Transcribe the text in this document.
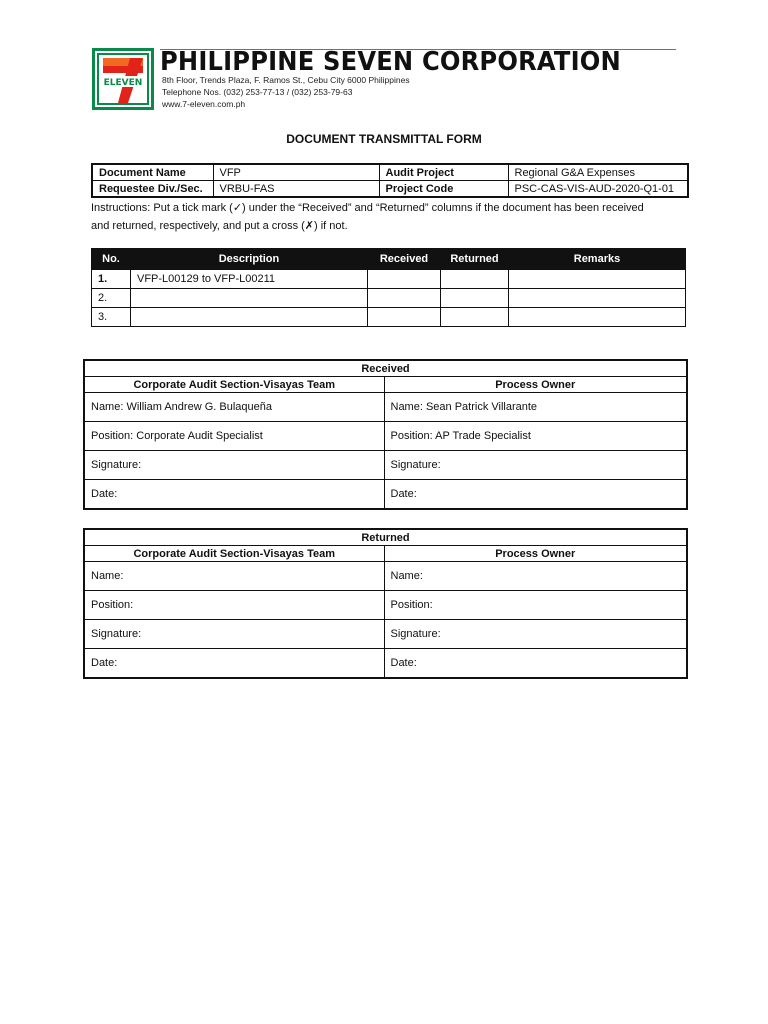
ELEVEN
PHILIPPINE SEVEN CORPORATION
8th Floor, Trends Plaza, F. Ramos St., Cebu City 6000 Philippines
Telephone Nos. (032) 253-77-13 / (032) 253-79-63
www.7-eleven.com.ph
DOCUMENT TRANSMITTAL FORM
Document Name	VFP	Audit Project	Regional G&A Expenses
Requestee Div./Sec.	VRBU-FAS	Project Code	PSC-CAS-VIS-AUD-2020-Q1-01
Instructions: Put a tick mark (✓) under the “Received” and “Returned” columns if the document has been received
and returned, respectively, and put a cross (✗) if not.
No.	Description	Received	Returned	Remarks
1.	VFP-L00129 to VFP-L00211			
2.				
3.				
Received	
Corporate Audit Section-Visayas Team	Process Owner
Name: William Andrew G. Bulaqueña	Name: Sean Patrick Villarante
Position: Corporate Audit Specialist	Position: AP Trade Specialist
Signature:	Signature:
Date:	Date:
Returned	
Corporate Audit Section-Visayas Team	Process Owner
Name:	Name:
Position:	Position:
Signature:	Signature:
Date:	Date:
